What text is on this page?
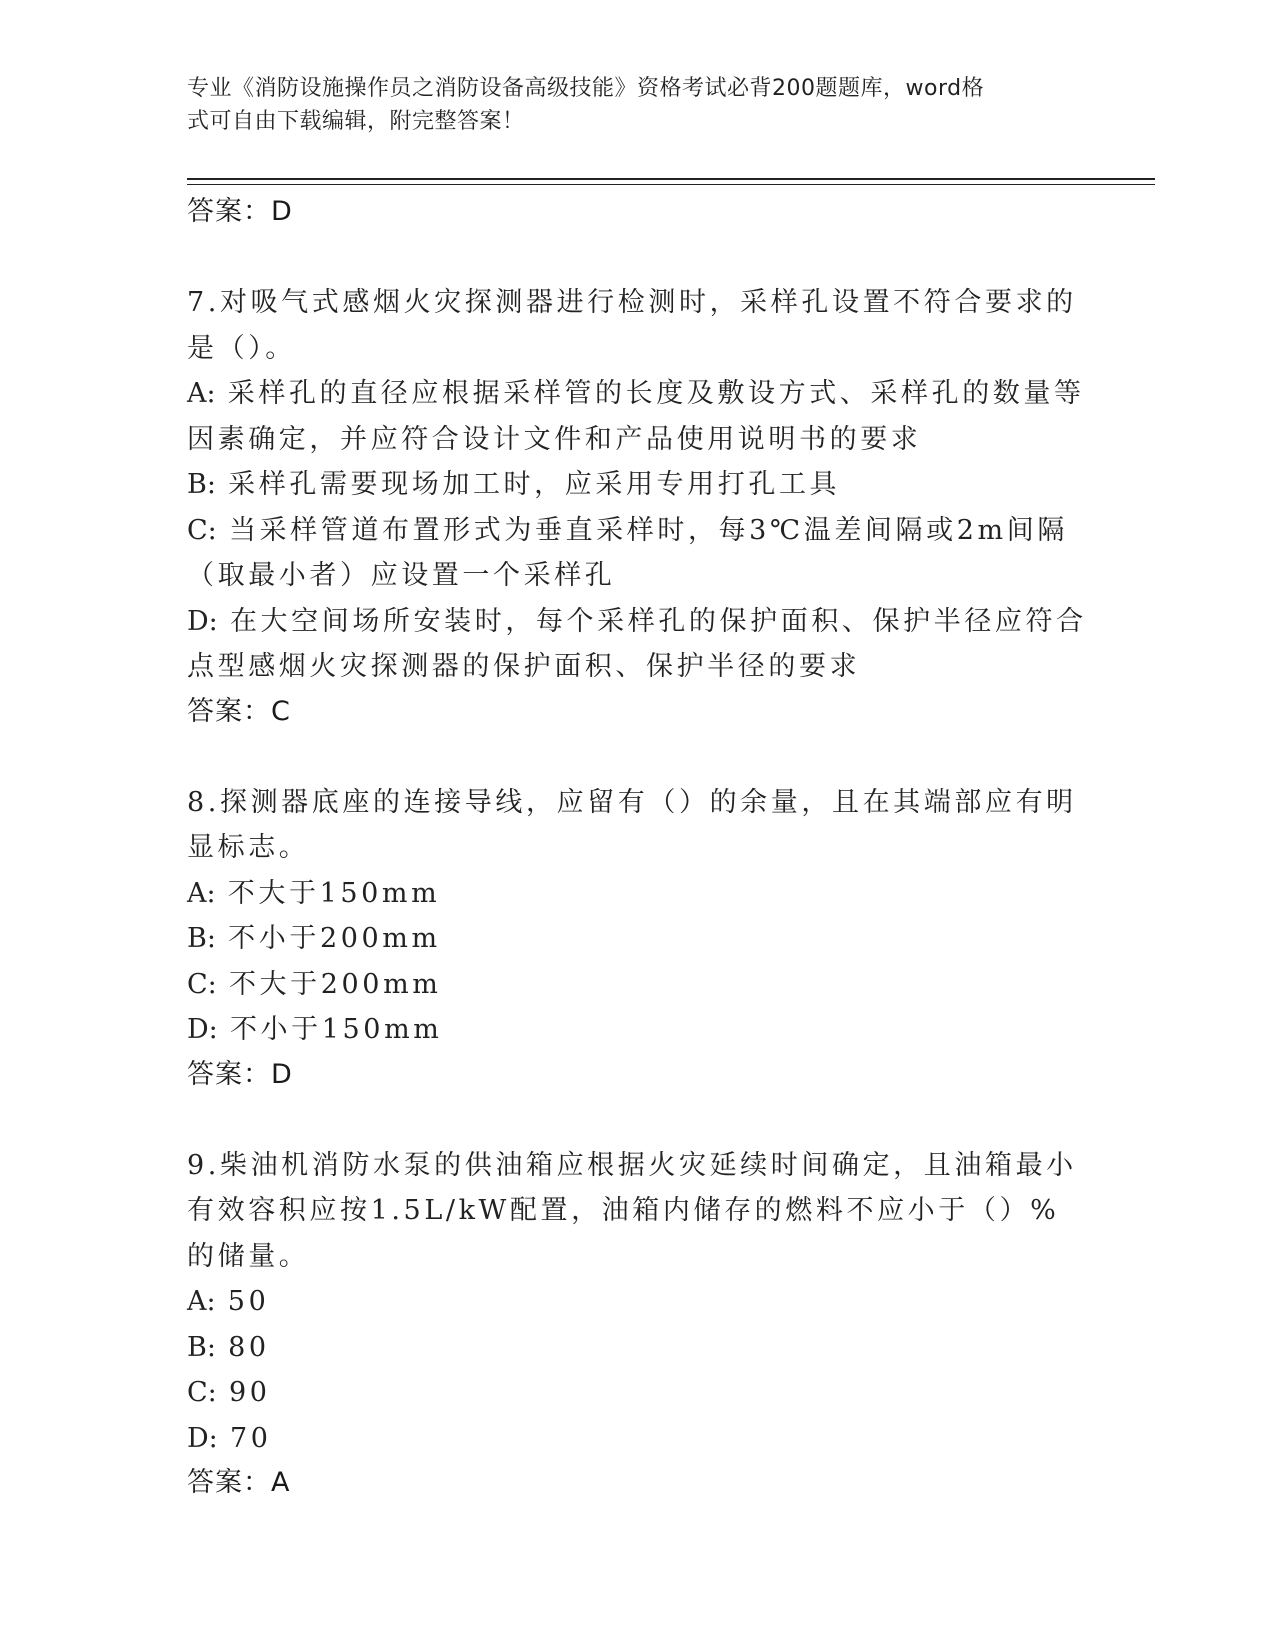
专业《消防设施操作员之消防设备高级技能》资格考试必背200题题库，word格
式可自由下载编辑，附完整答案！
答案：D
7.对吸气式感烟火灾探测器进行检测时，采样孔设置不符合要求的是（）。
A: 采样孔的直径应根据采样管的长度及敷设方式、采样孔的数量等因素确定，并应符合设计文件和产品使用说明书的要求
B: 采样孔需要现场加工时，应采用专用打孔工具
C: 当采样管道布置形式为垂直采样时，每3℃温差间隔或2m间隔（取最小者）应设置一个采样孔
D: 在大空间场所安装时，每个采样孔的保护面积、保护半径应符合点型感烟火灾探测器的保护面积、保护半径的要求
答案：C
8.探测器底座的连接导线，应留有（）的余量，且在其端部应有明显标志。
A: 不大于150mm
B: 不小于200mm
C: 不大于200mm
D: 不小于150mm
答案：D
9.柴油机消防水泵的供油箱应根据火灾延续时间确定，且油箱最小有效容积应按1.5L/kW配置，油箱内储存的燃料不应小于（）%的储量。
A: 50
B: 80
C: 90
D: 70
答案：A
